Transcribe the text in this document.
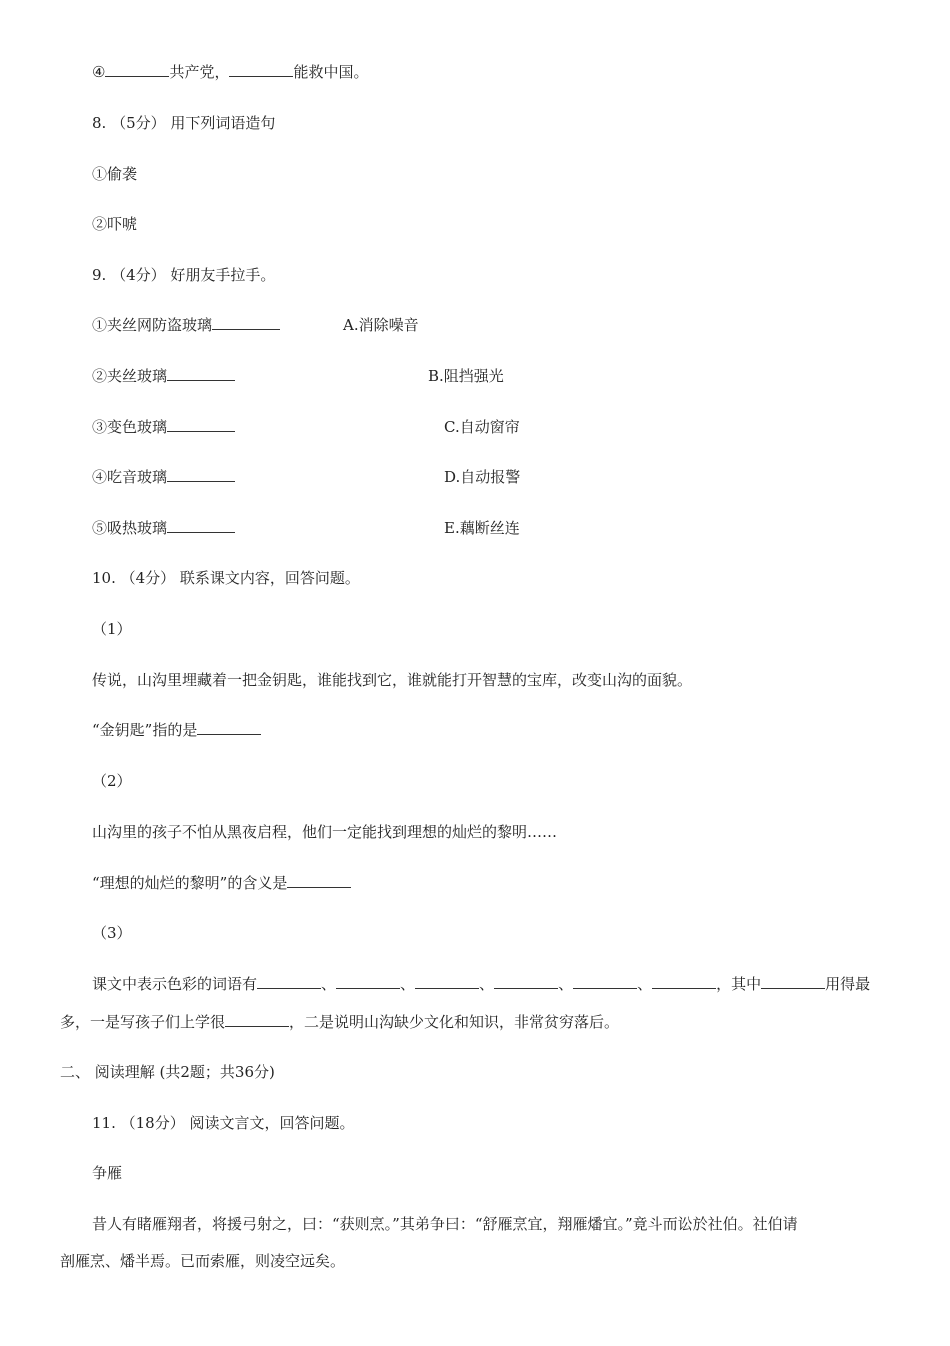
④	共产党，	能救中国。
8. （5分） 用下列词语造句
①偷袭
②吓唬
9. （4分） 好朋友手拉手。
①夹丝网防盗玻璃	A.消除噪音
②夹丝玻璃	B.阻挡强光
③变色玻璃	C.自动窗帘
④吃音玻璃	D.自动报警
⑤吸热玻璃	E.藕断丝连
10. （4分） 联系课文内容，回答问题。
（1）
传说，山沟里埋藏着一把金钥匙，谁能找到它，谁就能打开智慧的宝库，改变山沟的面貌。
“金钥匙”指的是
（2）
山沟里的孩子不怕从黑夜启程，他们一定能找到理想的灿烂的黎明……
“理想的灿烂的黎明”的含义是
（3）
课文中表示色彩的词语有	、	、	、	、	、	，其中	用得最
多，一是写孩子们上学很	，二是说明山沟缺少文化和知识，非常贫穷落后。
二、 阅读理解 (共2题；共36分)
11. （18分） 阅读文言文，回答问题。
争雁
昔人有睹雁翔者，将援弓射之，曰：“获则烹。”其弟争曰：“舒雁烹宜，翔雁燔宜。”竟斗而讼於社伯。社伯请
剖雁烹、燔半焉。已而索雁，则凌空远矣。
